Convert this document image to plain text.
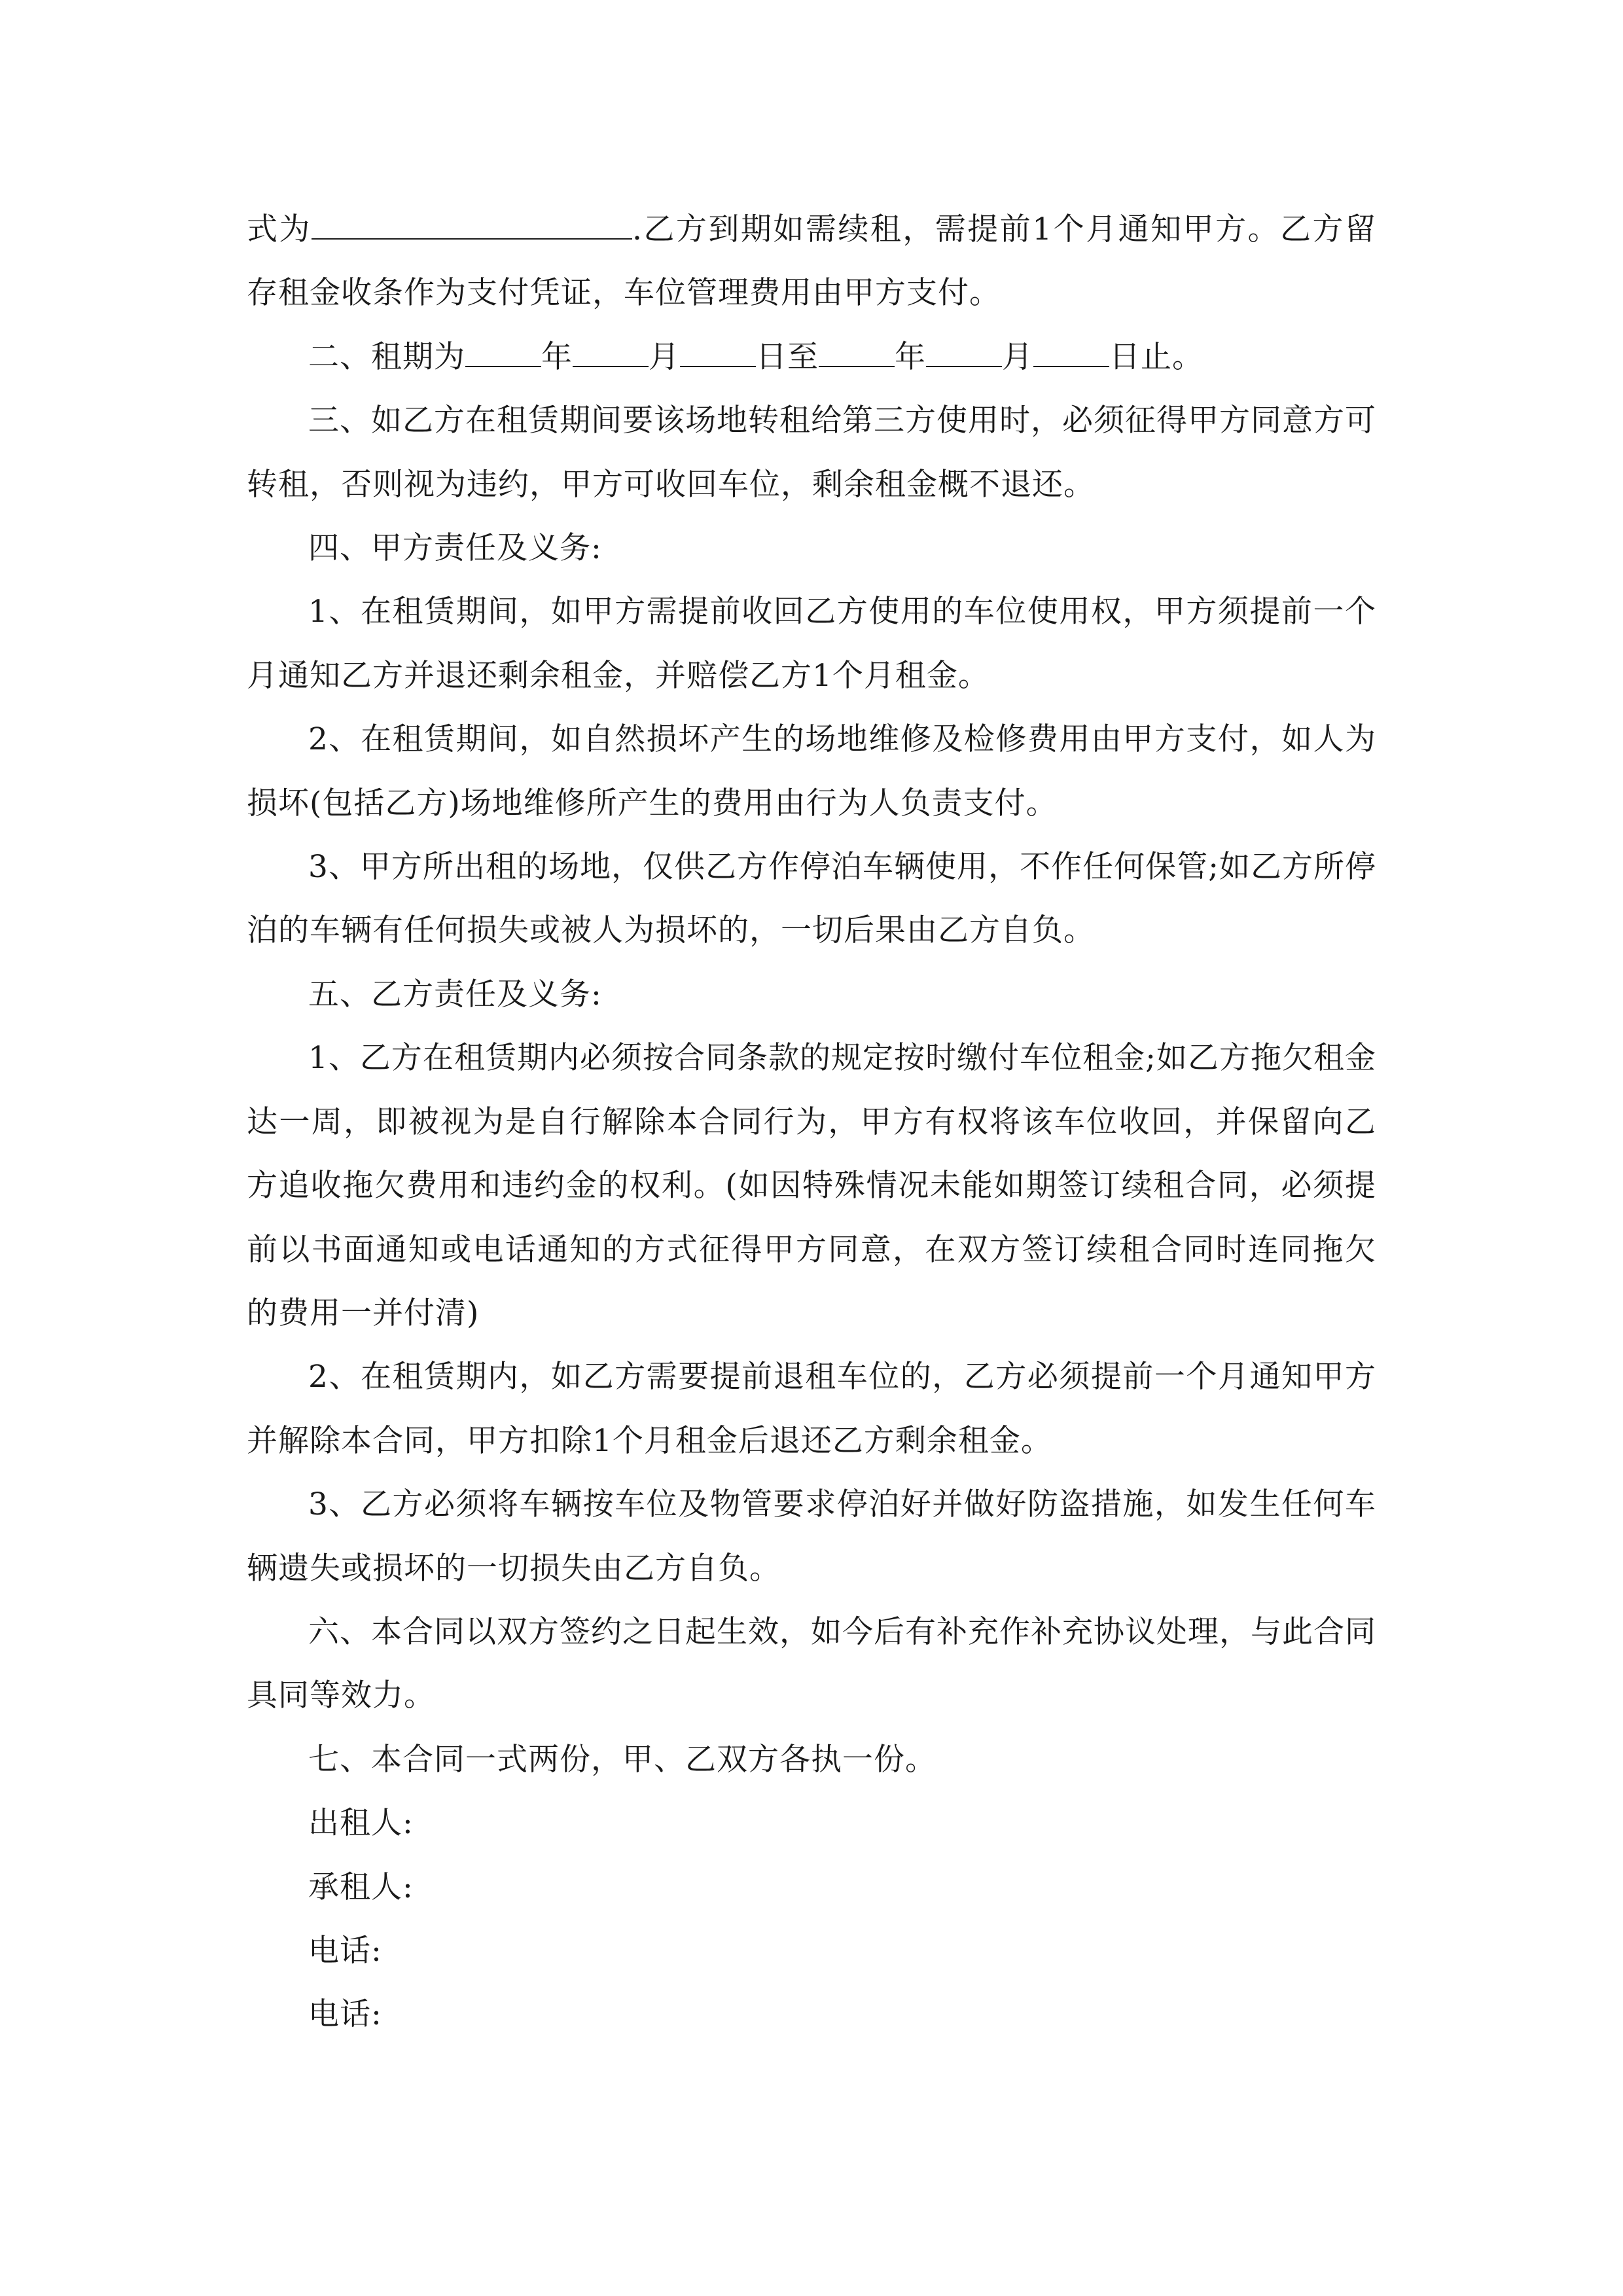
式为	.乙方到期如需续租，需提前1个月通知甲方。乙方留存租金收条作为支付凭证，车位管理费用由甲方支付。

二、租期为 年 月 日至 年 月 日止。

三、如乙方在租赁期间要该场地转租给第三方使用时，必须征得甲方同意方可转租，否则视为违约，甲方可收回车位，剩余租金概不退还。

四、甲方责任及义务:

1、在租赁期间，如甲方需提前收回乙方使用的车位使用权，甲方须提前一个月通知乙方并退还剩余租金，并赔偿乙方1个月租金。

2、在租赁期间，如自然损坏产生的场地维修及检修费用由甲方支付，如人为损坏(包括乙方)场地维修所产生的费用由行为人负责支付。

3、甲方所出租的场地，仅供乙方作停泊车辆使用，不作任何保管;如乙方所停泊的车辆有任何损失或被人为损坏的，一切后果由乙方自负。

五、乙方责任及义务:

1、乙方在租赁期内必须按合同条款的规定按时缴付车位租金;如乙方拖欠租金达一周，即被视为是自行解除本合同行为，甲方有权将该车位收回，并保留向乙方追收拖欠费用和违约金的权利。(如因特殊情况未能如期签订续租合同，必须提前以书面通知或电话通知的方式征得甲方同意，在双方签订续租合同时连同拖欠的费用一并付清)

2、在租赁期内，如乙方需要提前退租车位的，乙方必须提前一个月通知甲方并解除本合同，甲方扣除1个月租金后退还乙方剩余租金。

3、乙方必须将车辆按车位及物管要求停泊好并做好防盗措施，如发生任何车辆遗失或损坏的一切损失由乙方自负。

六、本合同以双方签约之日起生效，如今后有补充作补充协议处理，与此合同具同等效力。

七、本合同一式两份，甲、乙双方各执一份。

出租人:

承租人:

电话:

电话:
